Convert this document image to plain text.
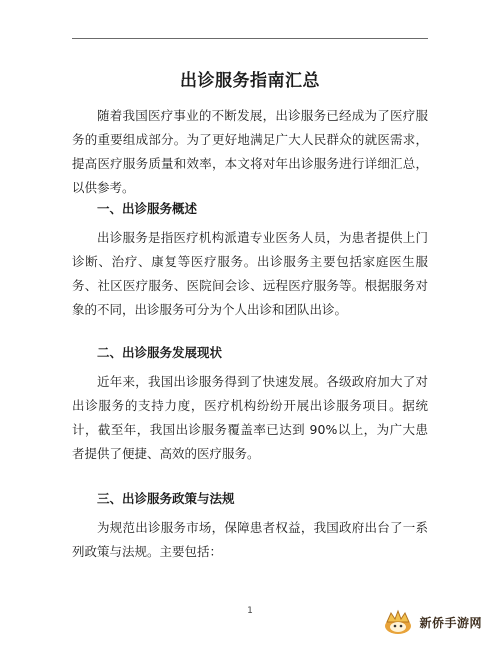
出诊服务指南汇总

随着我国医疗事业的不断发展，出诊服务已经成为了医疗服务的重要组成部分。为了更好地满足广大人民群众的就医需求，提高医疗服务质量和效率，本文将对年出诊服务进行详细汇总，以供参考。

一、出诊服务概述

出诊服务是指医疗机构派遣专业医务人员，为患者提供上门诊断、治疗、康复等医疗服务。出诊服务主要包括家庭医生服务、社区医疗服务、医院间会诊、远程医疗服务等。根据服务对象的不同，出诊服务可分为个人出诊和团队出诊。

二、出诊服务发展现状

近年来，我国出诊服务得到了快速发展。各级政府加大了对出诊服务的支持力度，医疗机构纷纷开展出诊服务项目。据统计，截至年，我国出诊服务覆盖率已达到 90%以上，为广大患者提供了便捷、高效的医疗服务。

三、出诊服务政策与法规

为规范出诊服务市场，保障患者权益，我国政府出台了一系列政策与法规。主要包括：

1
新侨手游网
